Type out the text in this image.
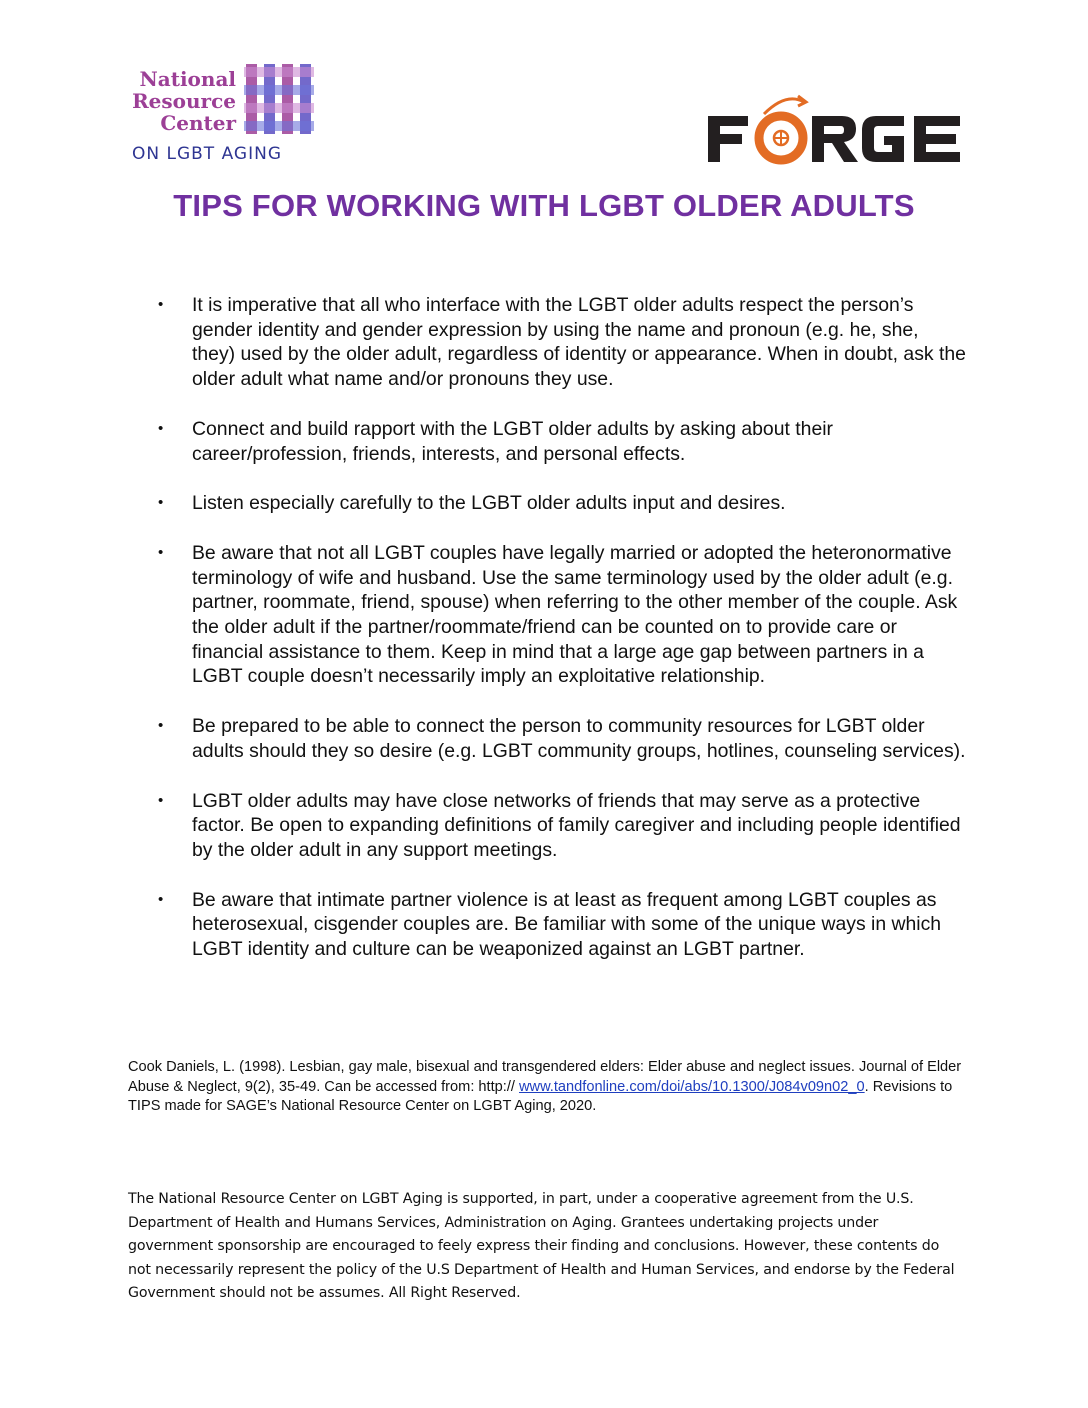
National
Resource
Center
ON LGBT AGING
TIPS FOR WORKING WITH LGBT OLDER ADULTS
• It is imperative that all who interface with the LGBT older adults respect the person’s gender identity and gender expression by using the name and pronoun (e.g. he, she, they) used by the older adult, regardless of identity or appearance. When in doubt, ask the older adult what name and/or pronouns they use.
• Connect and build rapport with the LGBT older adults by asking about their career/profession, friends, interests, and personal effects.
• Listen especially carefully to the LGBT older adults input and desires.
• Be aware that not all LGBT couples have legally married or adopted the heteronormative terminology of wife and husband. Use the same terminology used by the older adult (e.g. partner, roommate, friend, spouse) when referring to the other member of the couple. Ask the older adult if the partner/roommate/friend can be counted on to provide care or financial assistance to them. Keep in mind that a large age gap between partners in a LGBT couple doesn’t necessarily imply an exploitative relationship.
• Be prepared to be able to connect the person to community resources for LGBT older adults should they so desire (e.g. LGBT community groups, hotlines, counseling services).
• LGBT older adults may have close networks of friends that may serve as a protective factor. Be open to expanding definitions of family caregiver and including people identified by the older adult in any support meetings.
• Be aware that intimate partner violence is at least as frequent among LGBT couples as heterosexual, cisgender couples are. Be familiar with some of the unique ways in which LGBT identity and culture can be weaponized against an LGBT partner.
Cook Daniels, L. (1998). Lesbian, gay male, bisexual and transgendered elders: Elder abuse and neglect issues. Journal of Elder Abuse & Neglect, 9(2), 35-49. Can be accessed from: http:// www.tandfonline.com/doi/abs/10.1300/J084v09n02_0. Revisions to TIPS made for SAGE’s National Resource Center on LGBT Aging, 2020.
The National Resource Center on LGBT Aging is supported, in part, under a cooperative agreement from the U.S. Department of Health and Humans Services, Administration on Aging. Grantees undertaking projects under government sponsorship are encouraged to feely express their finding and conclusions. However, these contents do not necessarily represent the policy of the U.S Department of Health and Human Services, and endorse by the Federal Government should not be assumes. All Right Reserved.
